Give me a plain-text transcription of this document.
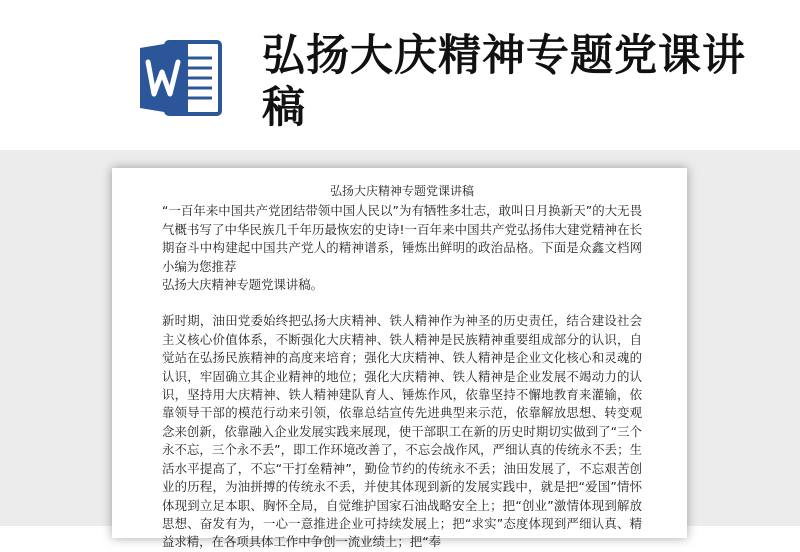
弘扬大庆精神专题党课讲稿

弘扬大庆精神专题党课讲稿

“一百年来中国共产党团结带领中国人民以”为有牺牲多壮志，敢叫日月换新天”的大无畏气概书写了中华民族几千年历最恢宏的史诗!一百年来中国共产党弘扬伟大建党精神在长期奋斗中构建起中国共产党人的精神谱系，锤炼出鲜明的政治品格。下面是众鑫文档网小编为您推荐

弘扬大庆精神专题党课讲稿。

新时期，油田党委始终把弘扬大庆精神、铁人精神作为神圣的历史责任，结合建设社会主义核心价值体系，不断强化大庆精神、铁人精神是民族精神重要组成部分的认识，自觉站在弘扬民族精神的高度来培育；强化大庆精神、铁人精神是企业文化核心和灵魂的认识，牢固确立其企业精神的地位；强化大庆精神、铁人精神是企业发展不竭动力的认识，坚持用大庆精神、铁人精神建队育人、锤炼作风，依靠坚持不懈地教育来灌输，依靠领导干部的模范行动来引领，依靠总结宣传先进典型来示范，依靠解放思想、转变观念来创新，依靠融入企业发展实践来展现，使干部职工在新的历史时期切实做到了“三个永不忘，三个永不丢”，即工作环境改善了，不忘会战作风，严细认真的传统永不丢；生活水平提高了，不忘“干打垒精神”，勤俭节约的传统永不丢；油田发展了，不忘艰苦创业的历程，为油拼搏的传统永不丢，并使其体现到新的发展实践中，就是把“爱国”情怀体现到立足本职、胸怀全局，自觉维护国家石油战略安全上；把“创业”激情体现到解放思想、奋发有为，一心一意推进企业可持续发展上；把“求实”态度体现到严细认真、精益求精，在各项具体工作中争创一流业绩上；把“奉
